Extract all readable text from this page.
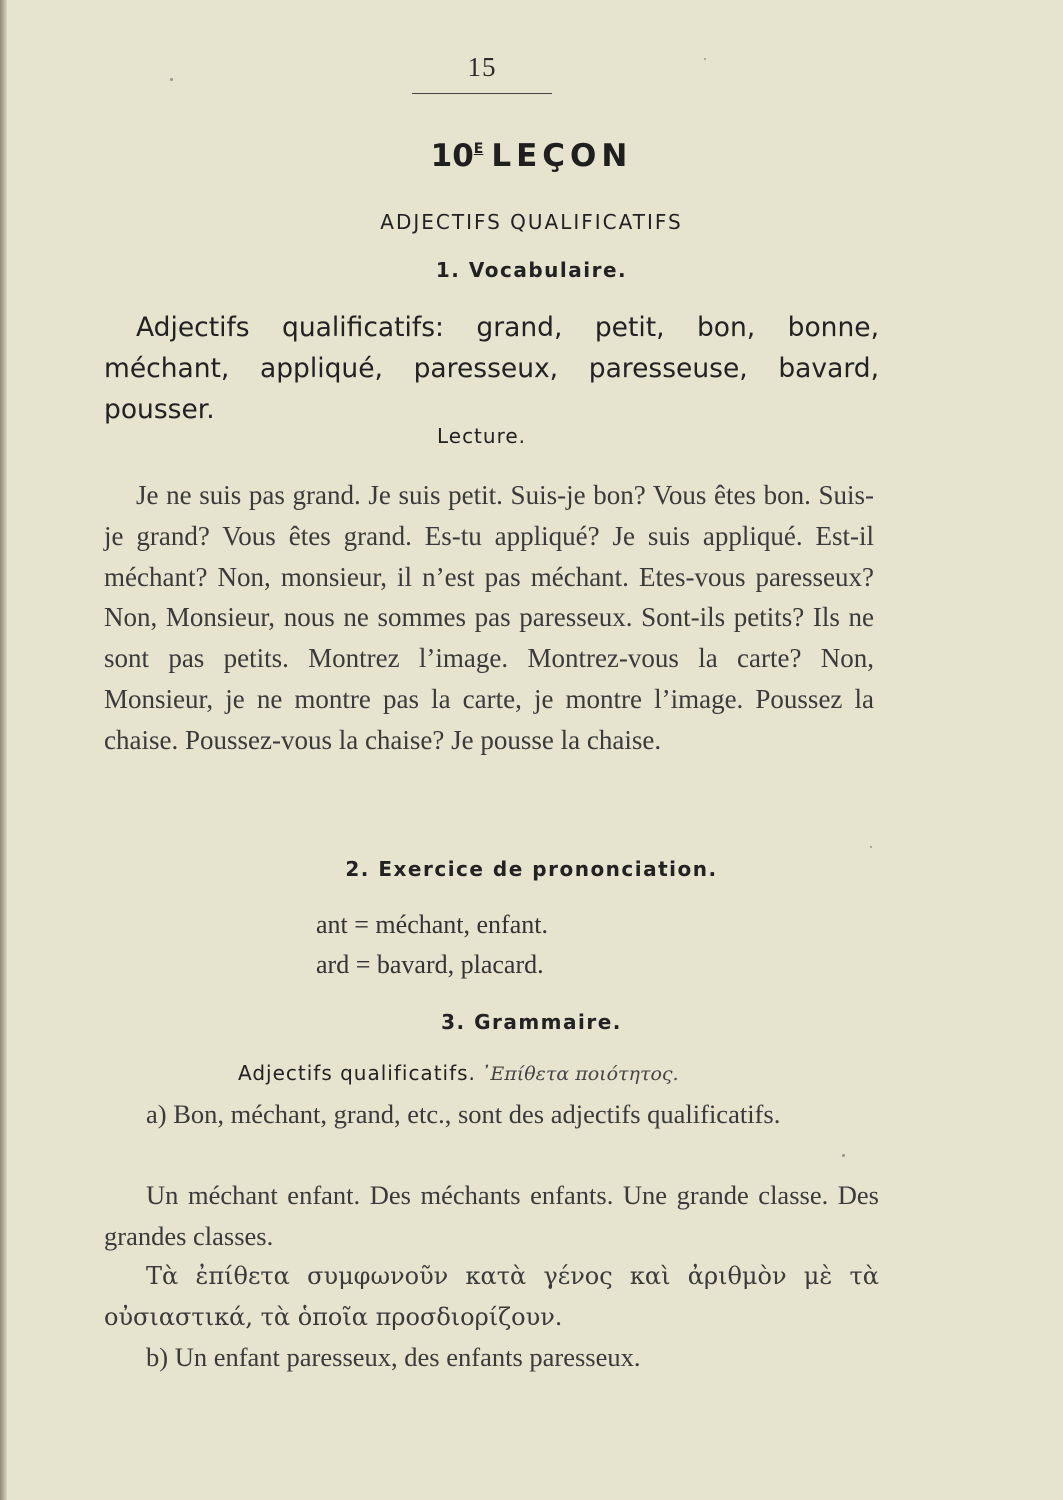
15
$10^E$ LEÇON
ADJECTIFS QUALIFICATIFS
1. Vocabulaire.

Adjectifs qualificatifs: grand, petit, bon, bonne, méchant, appliqué, paresseux, paresseuse, bavard, pousser.

Lecture.

Je ne suis pas grand. Je suis petit. Suis-je bon? Vous êtes bon. Suis-je grand? Vous êtes grand. Es-tu appliqué? Je suis appliqué. Est-il méchant? Non, monsieur, il n’est pas méchant. Etes-vous paresseux? Non, Monsieur, nous ne sommes pas paresseux. Sont-ils petits? Ils ne sont pas petits. Montrez l’image. Montrez-vous la carte? Non, Monsieur, je ne montre pas la carte, je montre l’image. Poussez la chaise. Poussez-vous la chaise? Je pousse la chaise.

2. Exercice de prononciation.
ant = méchant, enfant.
ard = bavard, placard.
3. Grammaire.
Adjectifs qualificatifs. ᾿Επίθετα ποιότητος.

a) Bon, méchant, grand, etc., sont des adjectifs qualificatifs.

Un méchant enfant. Des méchants enfants. Une grande classe. Des grandes classes.

Τὰ ἐπίθετα συμφωνοῦν κατὰ γένος καὶ ἀριθμὸν μὲ τὰ οὐσιαστικά, τὰ ὁποῖα προσδιορίζουν.

b) Un enfant paresseux, des enfants paresseux.
